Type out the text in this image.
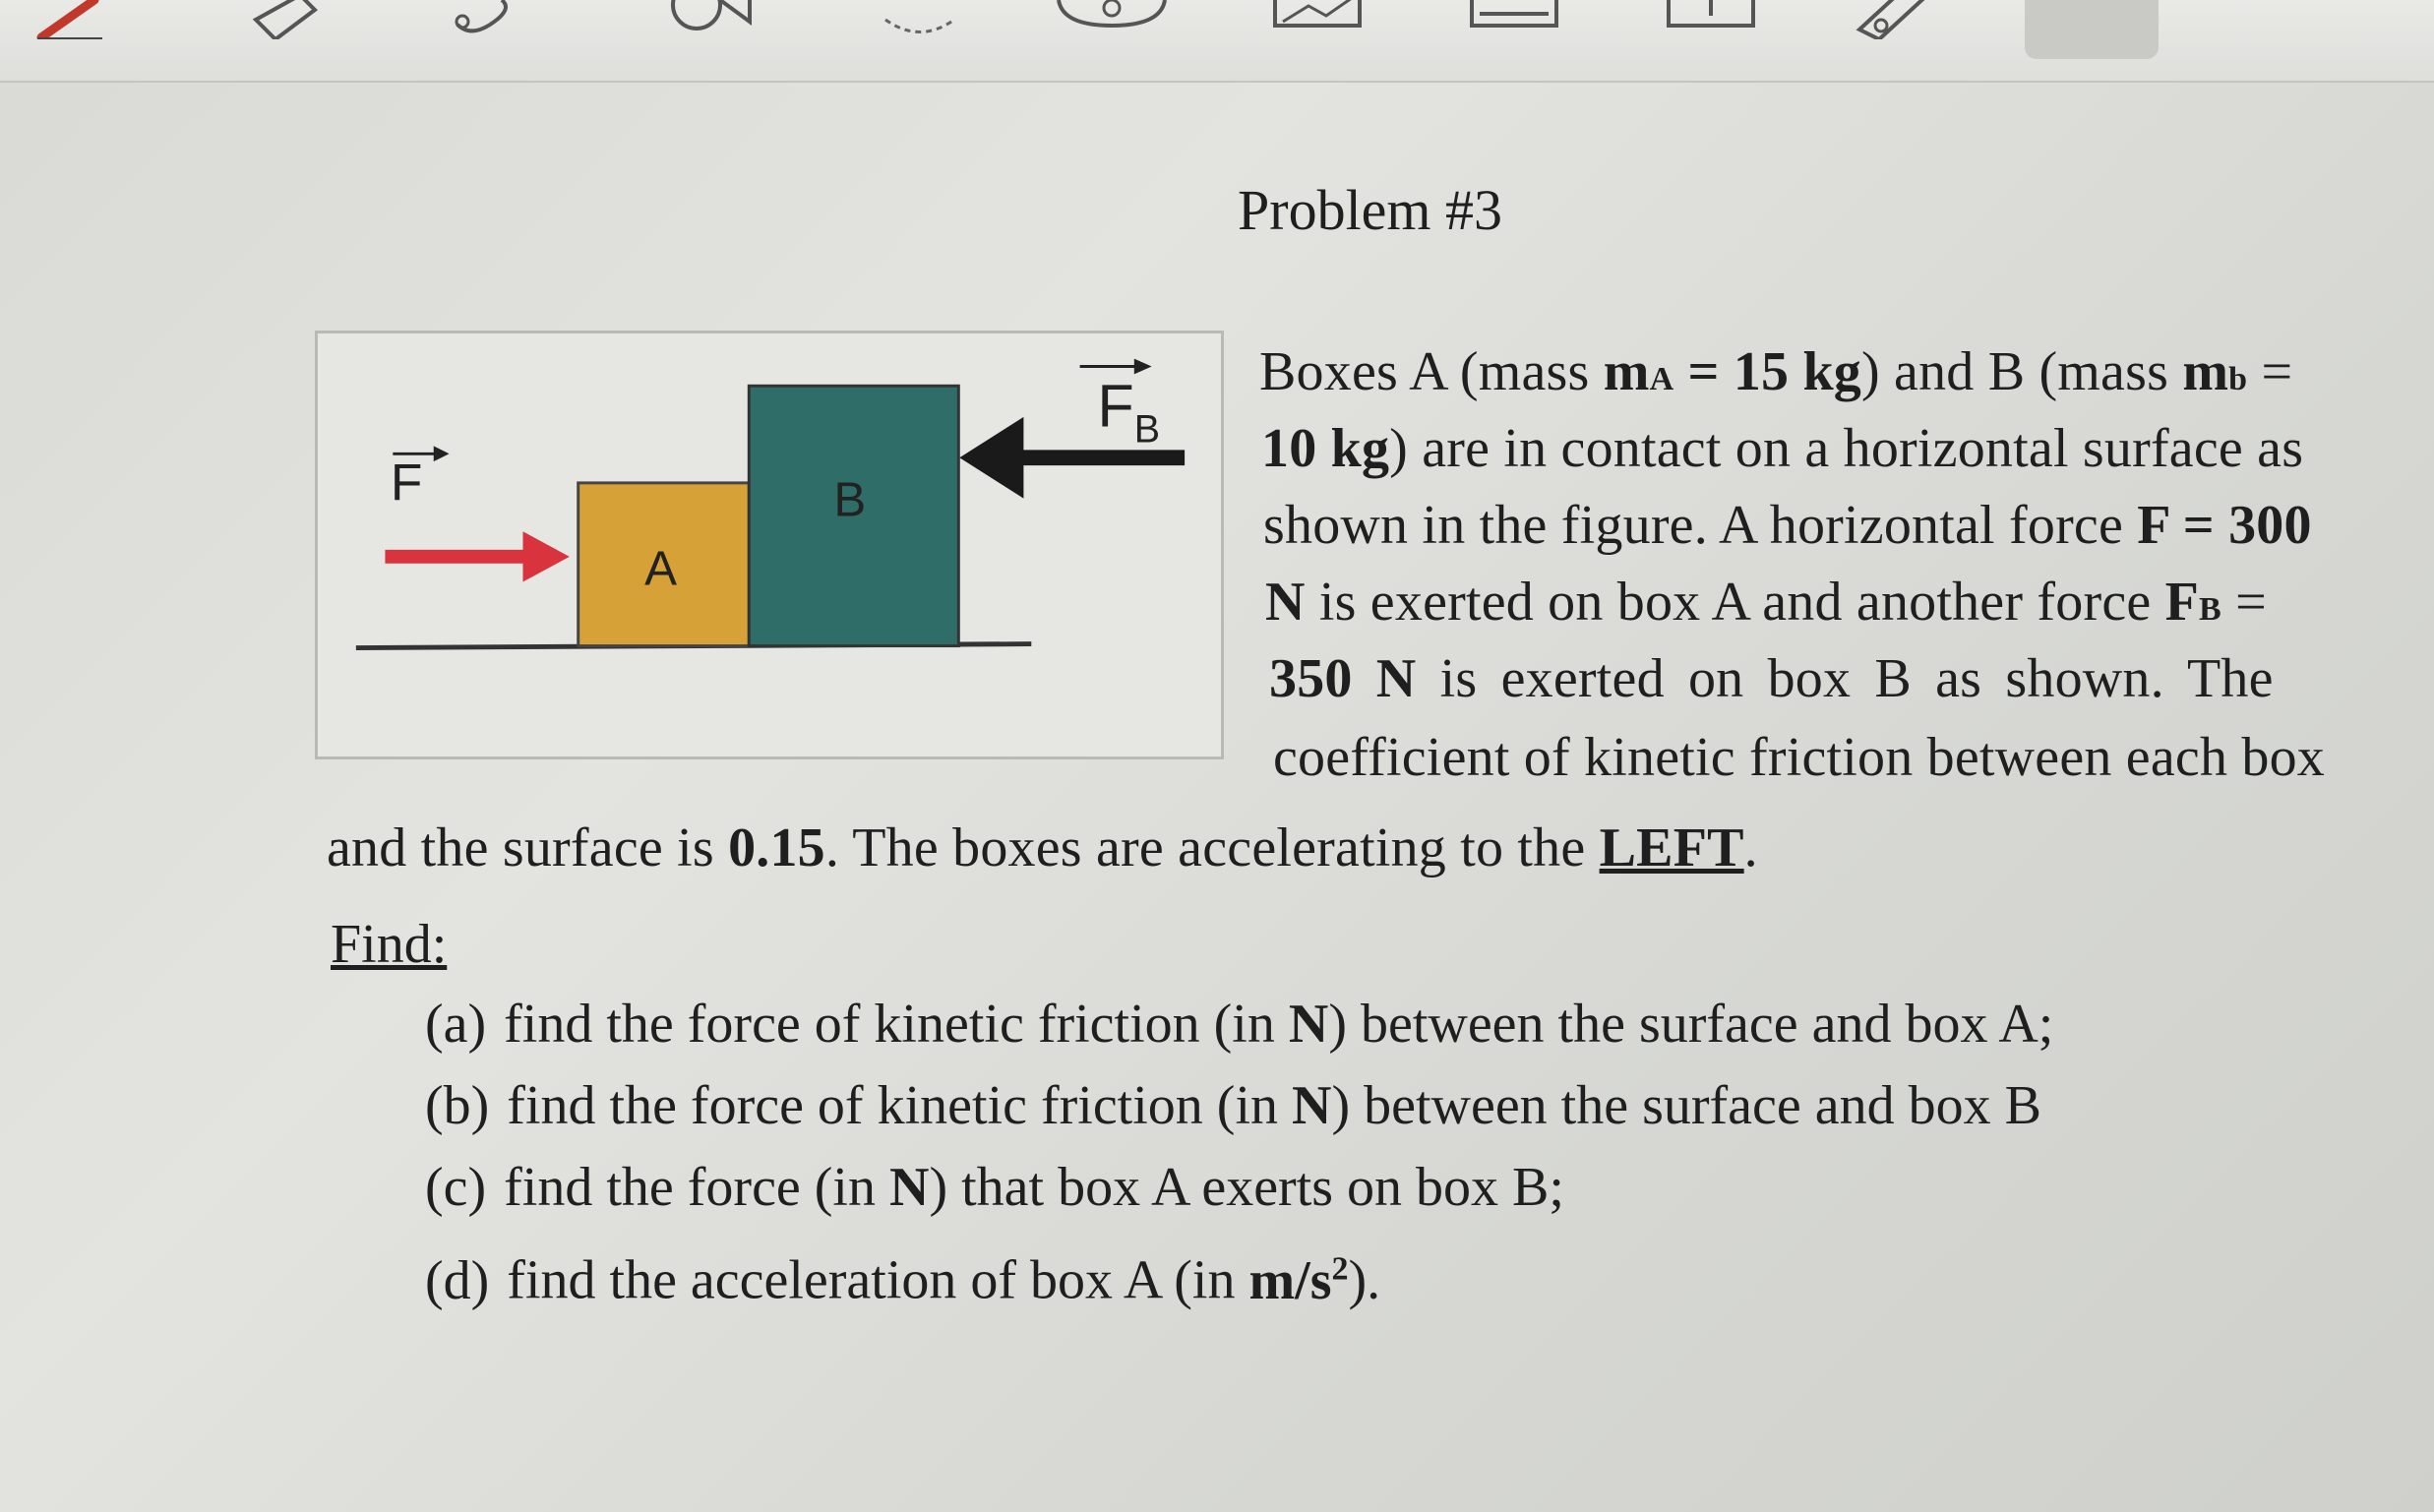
Problem #3
A
B
F
F B

Boxes A (mass mA = 15 kg) and B (mass mb =

10 kg) are in contact on a horizontal surface as

shown in the figure. A horizontal force F = 300

N is exerted on box A and another force FB =

350 N is exerted on box B as shown. The

coefficient of kinetic friction between each box

and the surface is 0.15. The boxes are accelerating to the LEFT.

Find:

(a) find the force of kinetic friction (in N) between the surface and box A;
(b) find the force of kinetic friction (in N) between the surface and box B
(c) find the force (in N) that box A exerts on box B;
(d) find the acceleration of box A (in $m/s^2$).
